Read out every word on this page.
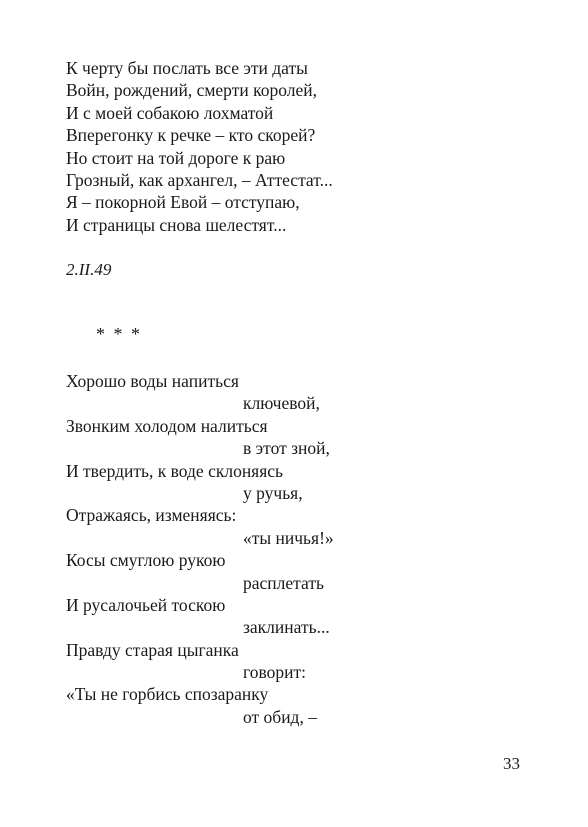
К черту бы послать все эти даты
Войн, рождений, смерти королей,
И с моей собакою лохматой
Вперегонку к речке – кто скорей?
Но стоит на той дороге к раю
Грозный, как архангел, – Аттестат...
Я – покорной Евой – отступаю,
И страницы снова шелестят...
2.II.49
* * *
Хорошо воды напиться
ключевой,
Звонким холодом налиться
в этот зной,
И твердить, к воде склоняясь
у ручья,
Отражаясь, изменяясь:
«ты ничья!»
Косы смуглою рукою
расплетать
И русалочьей тоскою
заклинать...
Правду старая цыганка
говорит:
«Ты не горбись спозаранку
от обид, –
33
